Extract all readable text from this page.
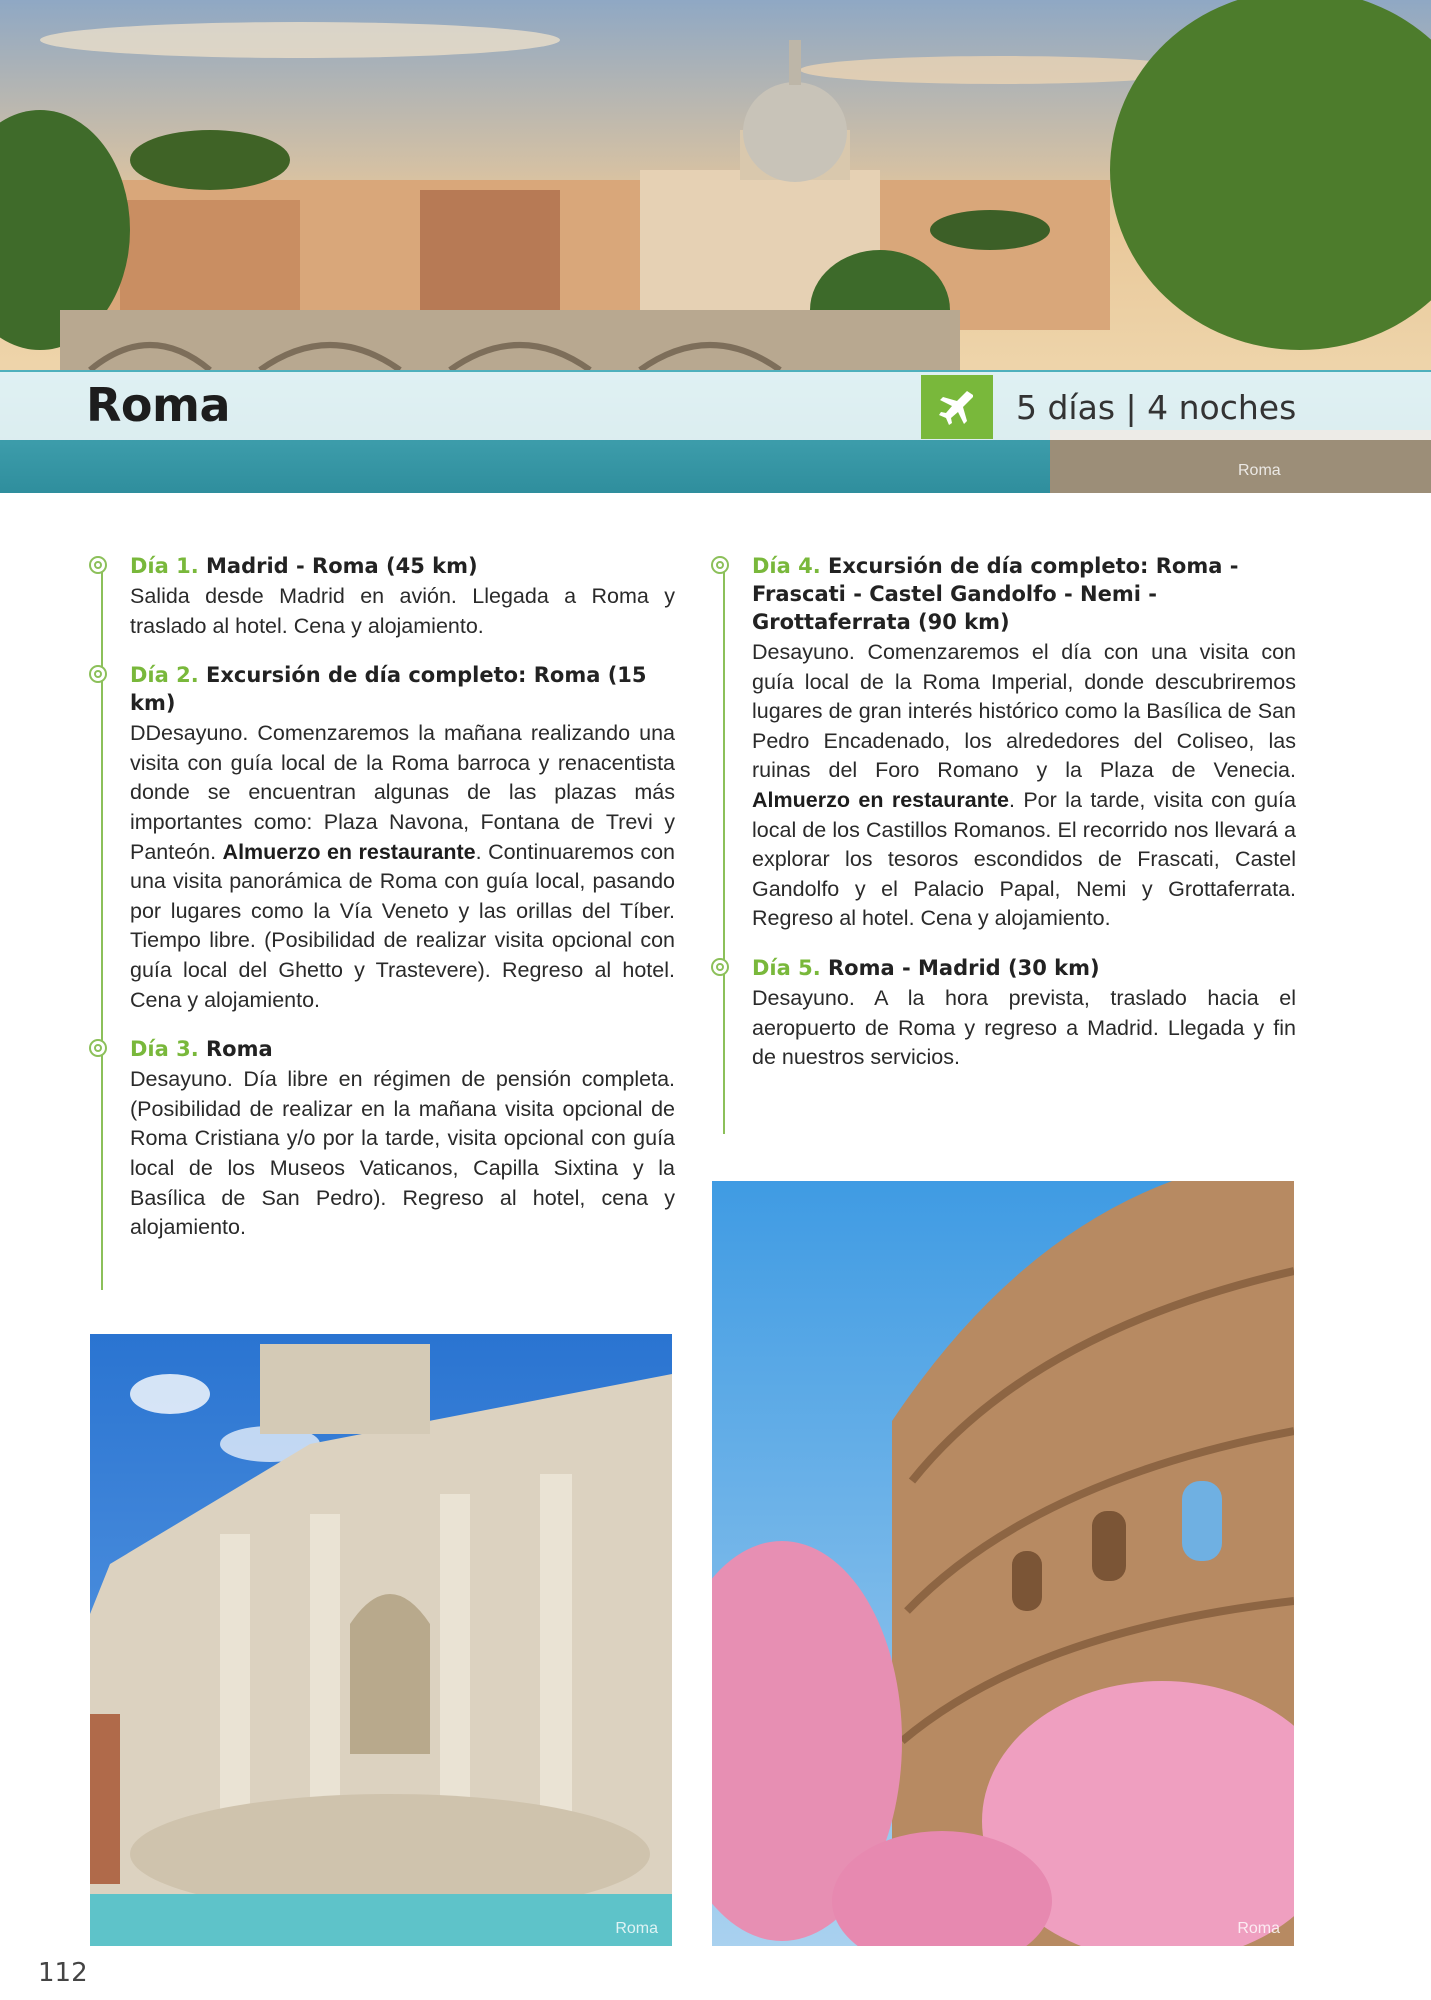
Roma	5 días | 4 noches
Roma
Día 1. Madrid - Roma (45 km)
Salida desde Madrid en avión. Llegada a Roma y traslado al hotel. Cena y alojamiento.
Día 2. Excursión de día completo: Roma (15 km)
DDesayuno. Comenzaremos la mañana realizando una visita con guía local de la Roma barroca y renacentista donde se encuentran algunas de las plazas más importantes como: Plaza Navona, Fontana de Trevi y Panteón. Almuerzo en restaurante. Continuaremos con una visita panorámica de Roma con guía local, pasando por lugares como la Vía Veneto y las orillas del Tíber. Tiempo libre. (Posibilidad de realizar visita opcional con guía local del Ghetto y Trastevere). Regreso al hotel. Cena y alojamiento.
Día 3. Roma
Desayuno. Día libre en régimen de pensión completa. (Posibilidad de realizar en la mañana visita opcional de Roma Cristiana y/o por la tarde, visita opcional con guía local de los Museos Vaticanos, Capilla Sixtina y la Basílica de San Pedro). Regreso al hotel, cena y alojamiento.
Día 4. Excursión de día completo: Roma - Frascati - Castel Gandolfo - Nemi - Grottaferrata (90 km)
Desayuno. Comenzaremos el día con una visita con guía local de la Roma Imperial, donde descubriremos lugares de gran interés histórico como la Basílica de San Pedro Encadenado, los alrededores del Coliseo, las ruinas del Foro Romano y la Plaza de Venecia. Almuerzo en restaurante. Por la tarde, visita con guía local de los Castillos Romanos. El recorrido nos llevará a explorar los tesoros escondidos de Frascati, Castel Gandolfo y el Palacio Papal, Nemi y Grottaferrata. Regreso al hotel. Cena y alojamiento.
Día 5. Roma - Madrid (30 km)
Desayuno. A la hora prevista, traslado hacia el aeropuerto de Roma y regreso a Madrid. Llegada y fin de nuestros servicios.
Roma	Roma
112
